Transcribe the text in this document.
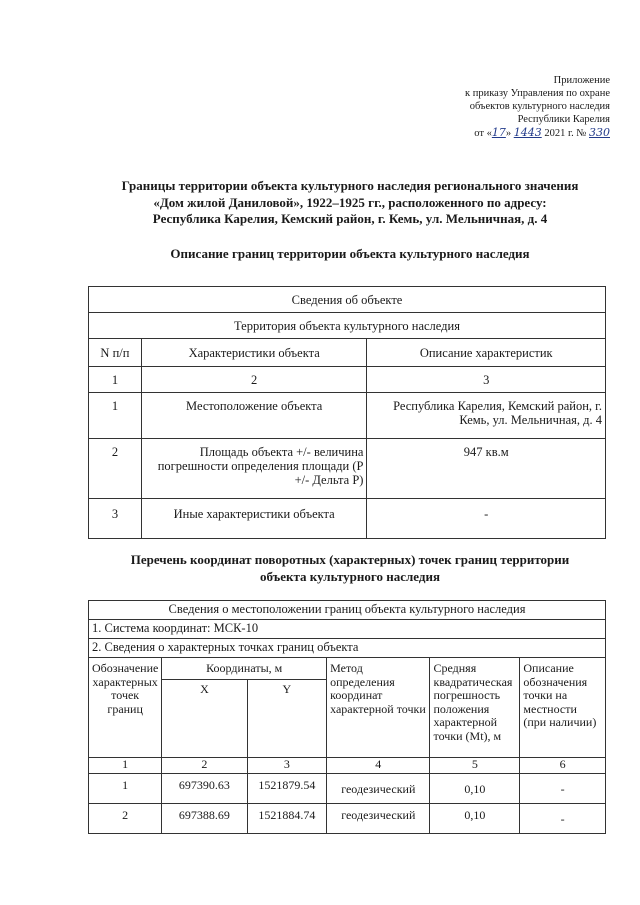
Приложение
к приказу Управления по охране
объектов культурного наследия
Республики Карелия
от «17» 1443 2021 г. № 330
Границы территории объекта культурного наследия регионального значения
«Дом жилой Даниловой», 1922–1925 гг., расположенного по адресу:
Республика Карелия, Кемский район, г. Кемь, ул. Мельничная, д. 4
Описание границ территории объекта культурного наследия
Сведения об объекте		
Территория объекта культурного наследия		
N п/п	Характеристики объекта	Описание характеристик
1	2	3
1	Местоположение объекта	Республика Карелия, Кемский район, г. Кемь, ул. Мельничная, д. 4
2	Площадь объекта +/- величина погрешности определения площади (P +/- Дельта P)	947 кв.м
3	Иные характеристики объекта	-
Перечень координат поворотных (характерных) точек границ территории
объекта культурного наследия
Сведения о местоположении границ объекта культурного наследия					
1. Система координат: МСК-10					
2. Сведения о характерных точках границ объекта					
Обозначение характерных точек границ	Координаты, м		Метод определения координат характерной точки	Средняя квадратическая погрешность положения характерной точки (Mt), м	Описание обозначения точки на местности (при наличии)
	X	Y			
1	2	3	4	5	6
1	697390.63	1521879.54	геодезический	0,10	-
2	697388.69	1521884.74	геодезический	0,10	-
